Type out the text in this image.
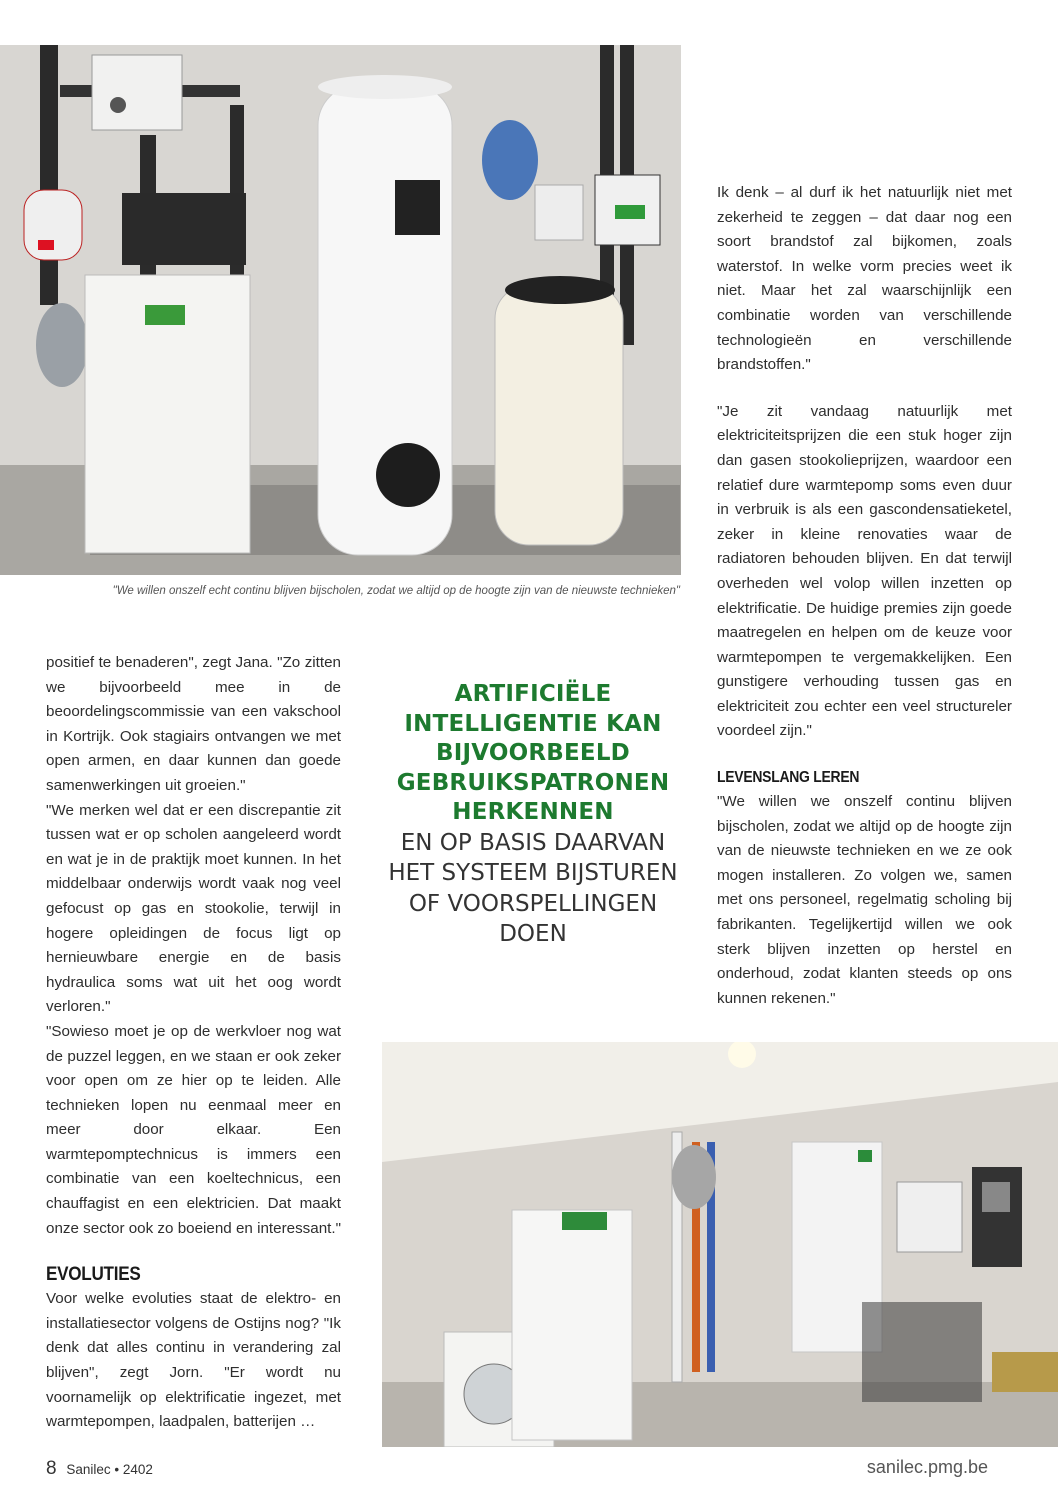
"We willen onszelf echt continu blijven bijscholen, zodat we altijd op de hoogte zijn van de nieuwste technieken"

positief te benaderen", zegt Jana. "Zo zitten we bijvoorbeeld mee in de beoordelingscommissie van een vakschool in Kortrijk. Ook stagiairs ontvangen we met open armen, en daar kunnen dan goede samenwerkingen uit groeien."

"We merken wel dat er een discrepantie zit tussen wat er op scholen aangeleerd wordt en wat je in de praktijk moet kunnen. In het middelbaar onderwijs wordt vaak nog veel gefocust op gas en stookolie, terwijl in hogere opleidingen de focus ligt op hernieuwbare energie en de basis hydraulica soms wat uit het oog wordt verloren."

"Sowieso moet je op de werkvloer nog wat de puzzel leggen, en we staan er ook zeker voor open om ze hier op te leiden. Alle technieken lopen nu eenmaal meer en meer door elkaar. Een warmtepomptechnicus is immers een combinatie van een koeltechnicus, een chauffagist en een elektricien. Dat maakt onze sector ook zo boeiend en interessant."

EVOLUTIES

Voor welke evoluties staat de elektro- en installatiesector volgens de Ostijns nog? "Ik denk dat alles continu in verandering zal blijven", zegt Jorn. "Er wordt nu voornamelijk op elektrificatie ingezet, met warmtepompen, laadpalen, batterijen …

ARTIFICIËLE INTELLIGENTIE KAN BIJVOORBEELD GEBRUIKSPATRONEN HERKENNEN
EN OP BASIS DAARVAN HET SYSTEEM BIJSTUREN OF VOORSPELLINGEN DOEN

Ik denk – al durf ik het natuurlijk niet met zekerheid te zeggen – dat daar nog een soort brandstof zal bijkomen, zoals waterstof. In welke vorm precies weet ik niet. Maar het zal waarschijnlijk een combinatie worden van verschillende technologieën en verschillende brandstoffen."

"Je zit vandaag natuurlijk met elektriciteitsprijzen die een stuk hoger zijn dan gasen stookolieprijzen, waardoor een relatief dure warmtepomp soms even duur in verbruik is als een gascondensatieketel, zeker in kleine renovaties waar de radiatoren behouden blijven. En dat terwijl overheden wel volop willen inzetten op elektrificatie. De huidige premies zijn goede maatregelen en helpen om de keuze voor warmtepompen te vergemakkelijken. Een gunstigere verhouding tussen gas en elektriciteit zou echter een veel structureler voordeel zijn."

LEVENSLANG LEREN

"We willen we onszelf continu blijven bijscholen, zodat we altijd op de hoogte zijn van de nieuwste technieken en we ze ook mogen installeren. Zo volgen we, samen met ons personeel, regelmatig scholing bij fabrikanten. Tegelijkertijd willen we ook sterk blijven inzetten op herstel en onderhoud, zodat klanten steeds op ons kunnen rekenen."

8 Sanilec • 2402	sanilec.pmg.be
